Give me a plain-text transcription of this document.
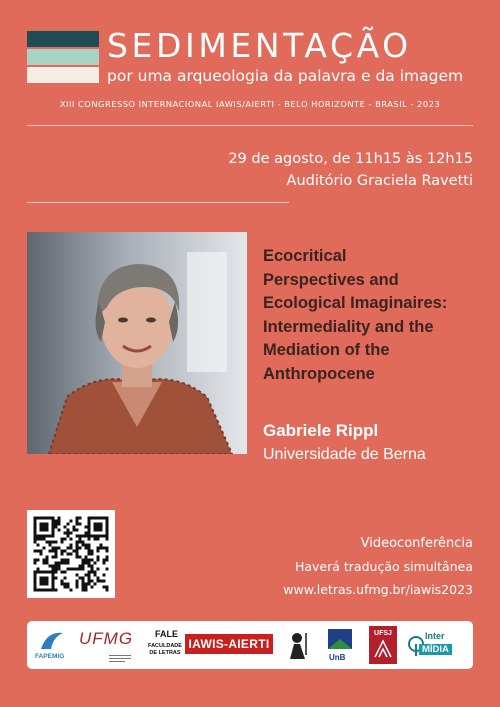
SEDIMENTAÇÃO
por uma arqueologia da palavra e da imagem
XIII CONGRESSO INTERNACIONAL IAWIS/AIERTI - BELO HORIZONTE - BRASIL - 2023
29 de agosto, de 11h15 às 12h15
Auditório Graciela Ravetti
Ecocritical
Perspectives and
Ecological Imaginaires:
Intermediality and the
Mediation of the
Anthropocene
Gabriele Rippl
Universidade de Berna
Videoconferência
Haverá tradução simultânea
www.letras.ufmg.br/iawis2023
FAPEMIG
UFMG FALE
FACULDADE DE LETRAS
IAWIS-AIERTI
UnB
UFSJ	Inter
MÍDIA
